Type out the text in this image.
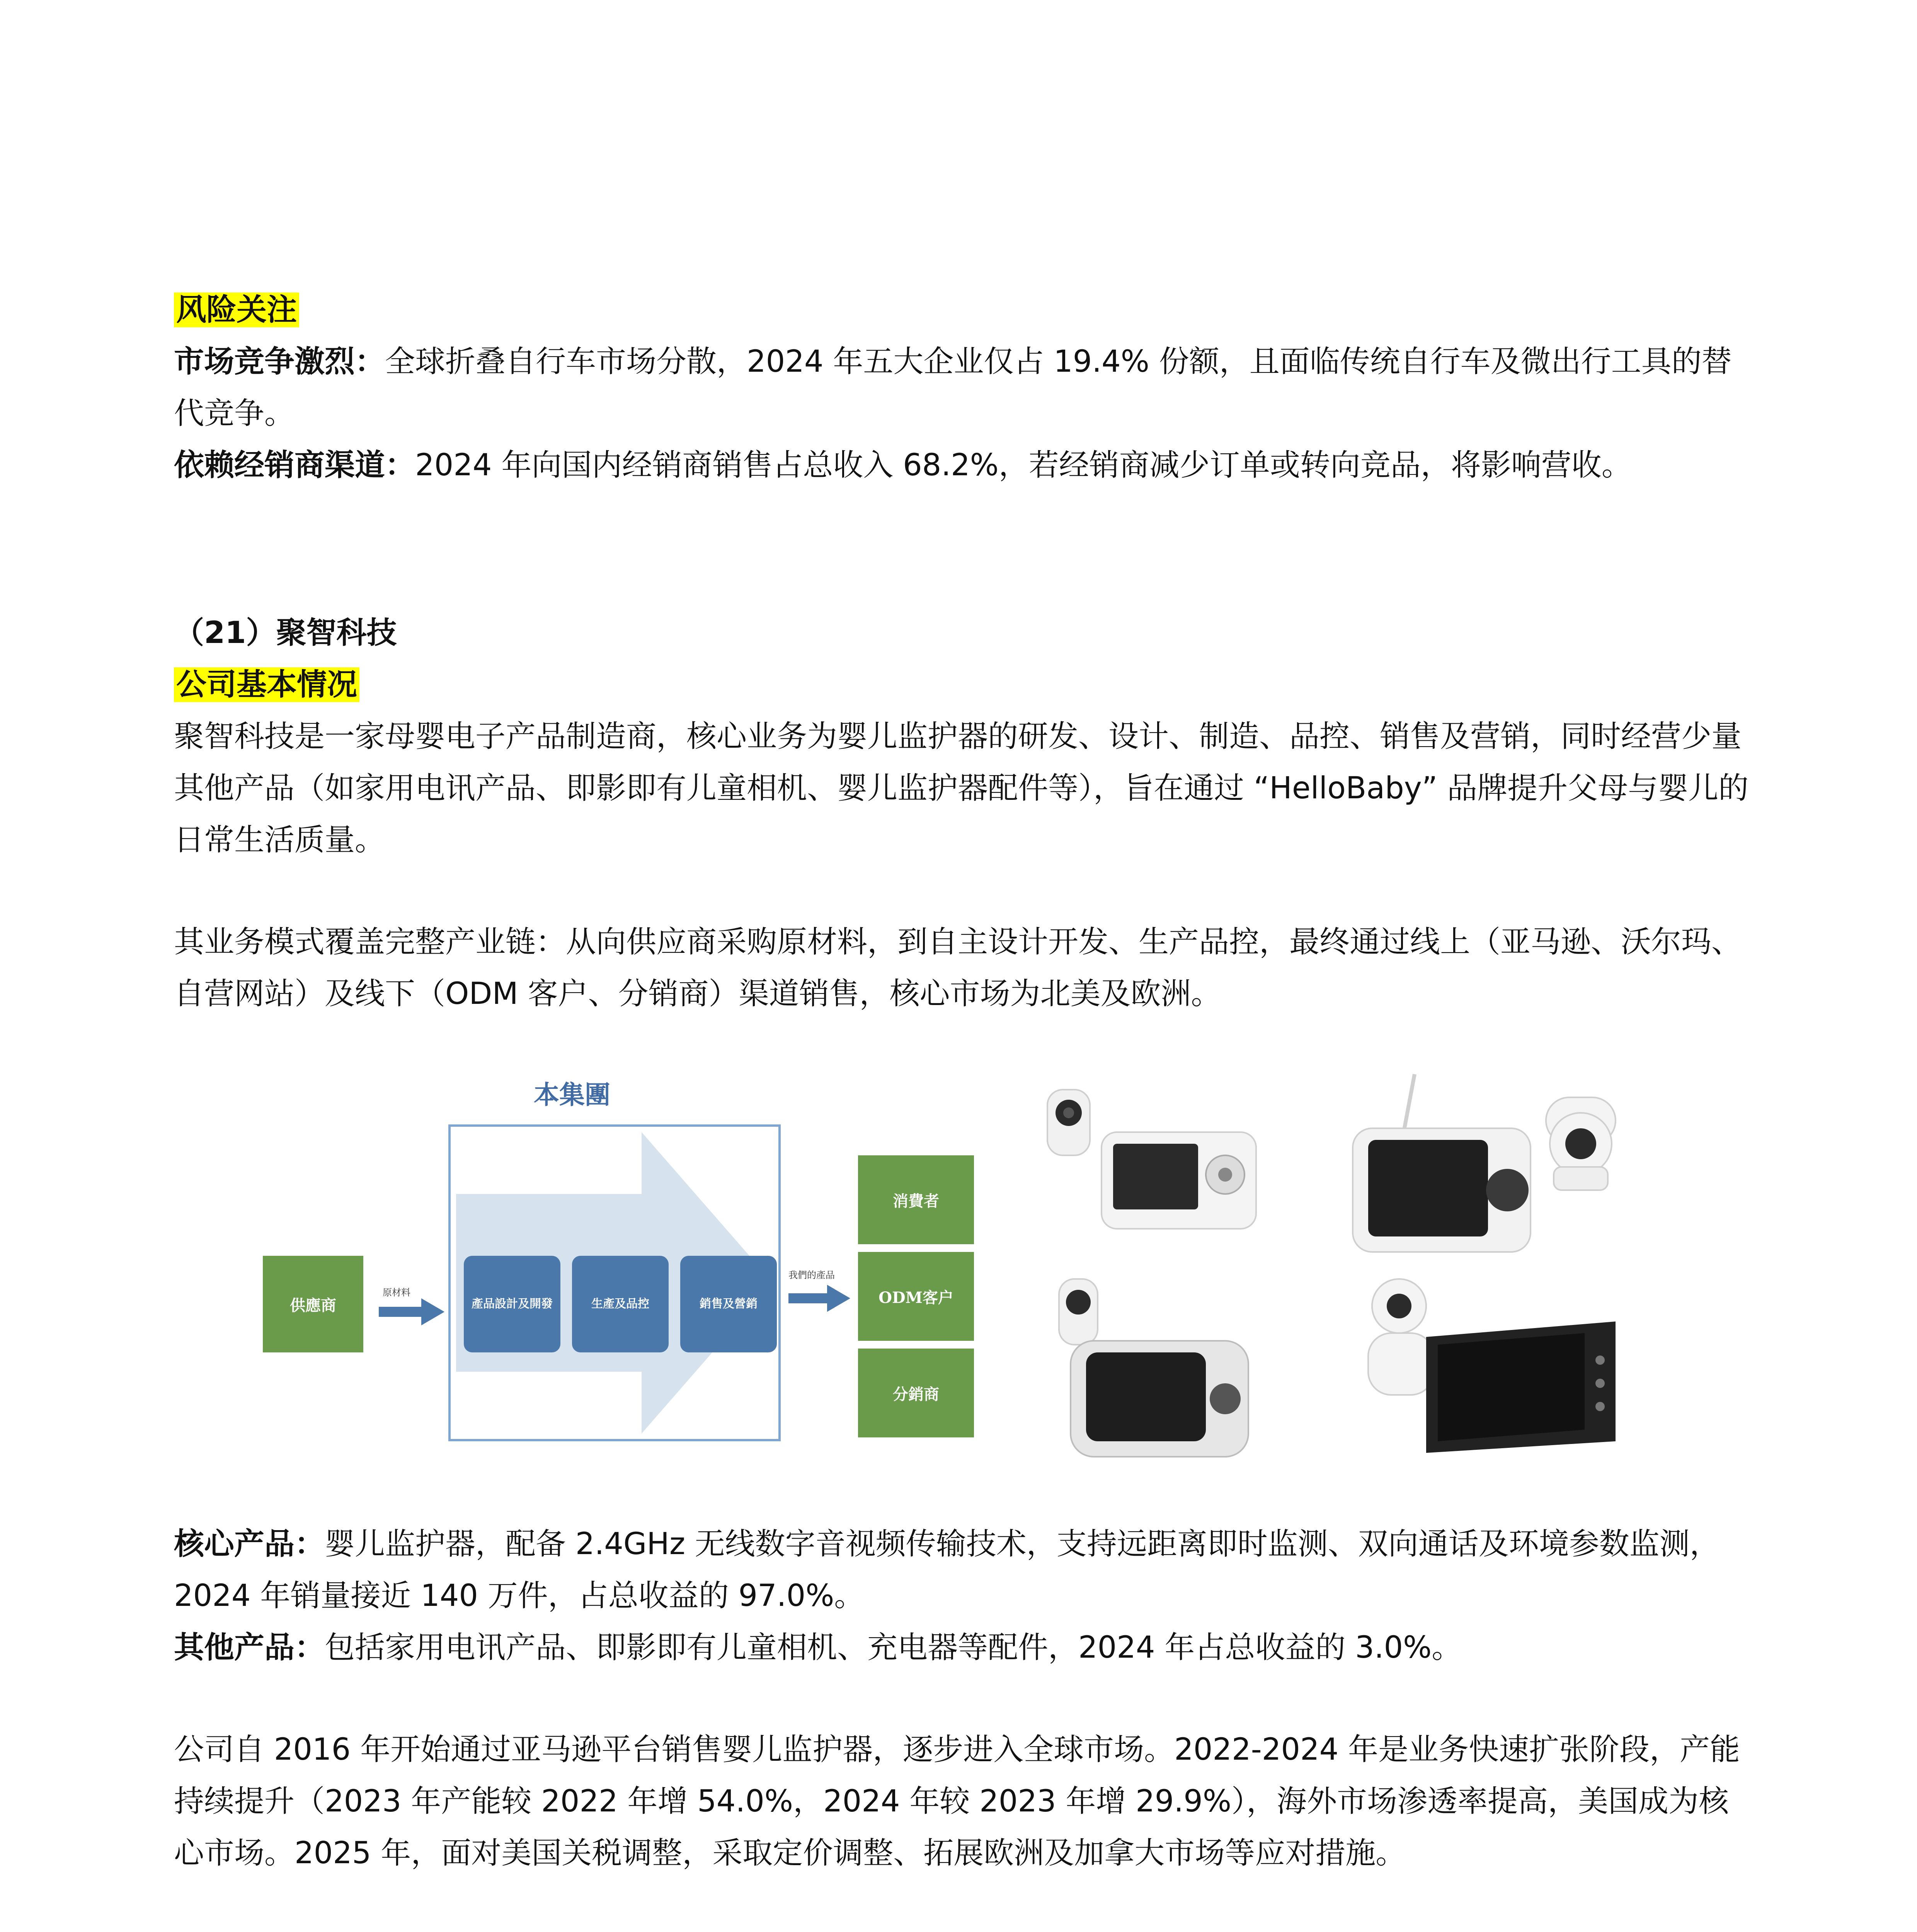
风险关注

市场竞争激烈：全球折叠自行车市场分散，2024 年五大企业仅占 19.4% 份额，且面临传统自行车及微出行工具的替代竞争。

依赖经销商渠道：2024 年向国内经销商销售占总收入 68.2%，若经销商减少订单或转向竞品，将影响营收。

（21）聚智科技

公司基本情况

聚智科技是一家母婴电子产品制造商，核心业务为婴儿监护器的研发、设计、制造、品控、销售及营销，同时经营少量其他产品（如家用电讯产品、即影即有儿童相机、婴儿监护器配件等），旨在通过 “HelloBaby” 品牌提升父母与婴儿的日常生活质量。

其业务模式覆盖完整产业链：从向供应商采购原材料，到自主设计开发、生产品控，最终通过线上（亚马逊、沃尔玛、自营网站）及线下（ODM 客户、分销商）渠道销售，核心市场为北美及欧洲。

核心产品：婴儿监护器，配备 2.4GHz 无线数字音视频传输技术，支持远距离即时监测、双向通话及环境参数监测，2024 年销量接近 140 万件，占总收益的 97.0%。

其他产品：包括家用电讯产品、即影即有儿童相机、充电器等配件，2024 年占总收益的 3.0%。

公司自 2016 年开始通过亚马逊平台销售婴儿监护器，逐步进入全球市场。2022-2024 年是业务快速扩张阶段，产能持续提升（2023 年产能较 2022 年增 54.0%，2024 年较 2023 年增 29.9%），海外市场渗透率提高，美国成为核心市场。2025 年，面对美国关税调整，采取定价调整、拓展欧洲及加拿大市场等应对措施。

本集團
供應商
原材料
產品設計及開發	生產及品控	銷售及營銷
我們的產品
消費者
ODM客户
分銷商
